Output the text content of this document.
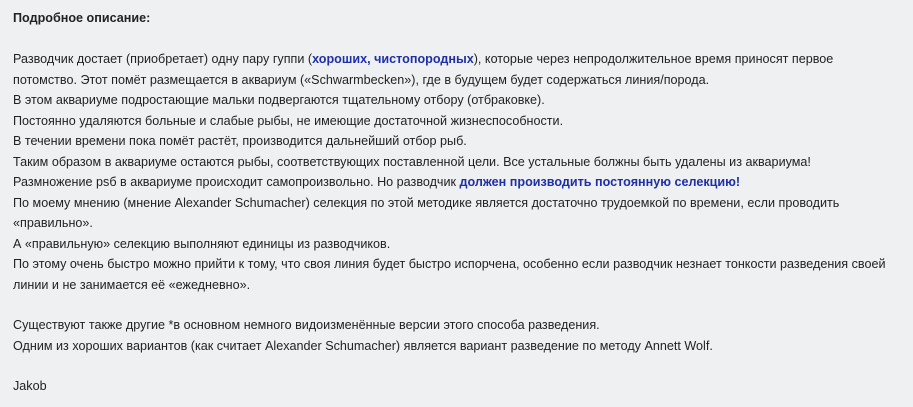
Подробное описание:

Разводчик достает (приобретает) одну пару гуппи (хороших, чистопородных), которые через непродолжительное время приносят первое

потомство. Этот помёт размещается в аквариум («Schwarmbecken»), где в будущем будет содержаться линия/порода.

В этом аквариуме подростающие мальки подвергаются тщательному отбору (отбраковке).

Постоянно удаляются больные и слабые рыбы, не имеющие достаточной жизнеспособности.

В течении времени пока помёт растёт, производится дальнейший отбор рыб.

Таким образом в аквариуме остаются рыбы, соответствующих поставленной цели. Все устальные болжны быть удалены из аквариума!

Размножение psб в аквариуме происходит самопроизвольно. Но разводчик должен производить постоянную селекцию!

По моему мнению (мнение Alexander Schumacher) селекция по этой методике является достаточно трудоемкой по времени, если проводить

«правильно».

А «правильную» селекцию выполняют единицы из разводчиков.

По этому очень быстро можно прийти к тому, что своя линия будет быстро испорчена, особенно если разводчик незнает тонкости разведения своей

линии и не занимается её «ежедневно».

Существуют также другие *в основном немного видоизменённые версии этого способа разведения.

Одним из хороших вариантов (как считает Alexander Schumacher) является вариант разведение по методу Annett Wolf.

Jakob
